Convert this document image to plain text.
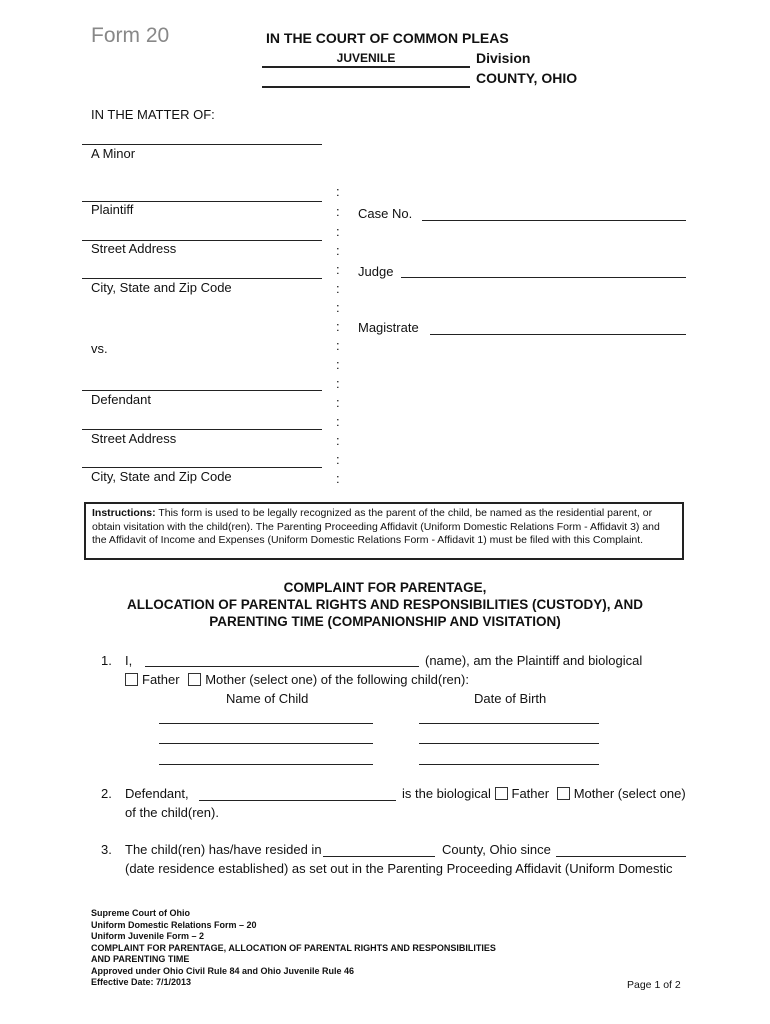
Form 20	IN THE COURT OF COMMON PLEAS
JUVENILE	Division
COUNTY, OHIO
IN THE MATTER OF:
A Minor
Plaintiff
Street Address
City, State and Zip Code
vs.
Defendant
Street Address
City, State and Zip Code
:
:
:
:
:
:
:
:
:
:
:
:
:
:
:
:
Case No.
Judge
Magistrate
Instructions: This form is used to be legally recognized as the parent of the child, be named as the residential parent, or obtain visitation with the child(ren). The Parenting Proceeding Affidavit (Uniform Domestic Relations Form - Affidavit 3) and the Affidavit of Income and Expenses (Uniform Domestic Relations Form - Affidavit 1) must be filed with this Complaint.
COMPLAINT FOR PARENTAGE,
ALLOCATION OF PARENTAL RIGHTS AND RESPONSIBILITIES (CUSTODY), AND
PARENTING TIME (COMPANIONSHIP AND VISITATION)
1. I,	(name), am the Plaintiff and biological
Father Mother (select one) of the following child(ren):
Name of Child	Date of Birth
2. Defendant,	is the biological Father Mother (select one)
of the child(ren).
3. The child(ren) has/have resided in	County, Ohio since
(date residence established) as set out in the Parenting Proceeding Affidavit (Uniform Domestic
Supreme Court of Ohio
Uniform Domestic Relations Form – 20
Uniform Juvenile Form – 2
COMPLAINT FOR PARENTAGE, ALLOCATION OF PARENTAL RIGHTS AND RESPONSIBILITIES
AND PARENTING TIME
Approved under Ohio Civil Rule 84 and Ohio Juvenile Rule 46
Effective Date: 7/1/2013	Page 1 of 2
